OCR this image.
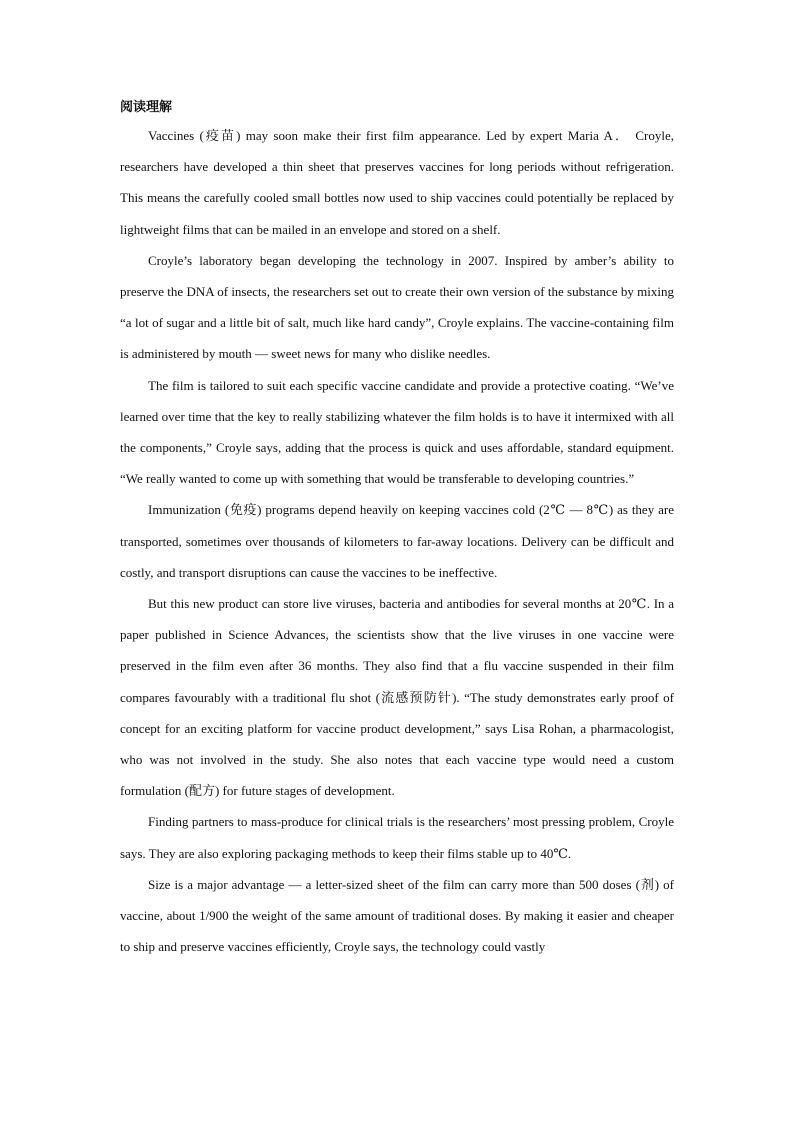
阅读理解

Vaccines (疫苗) may soon make their first film appearance. Led by expert Maria A． Croyle, researchers have developed a thin sheet that preserves vaccines for long periods without refrigeration. This means the carefully cooled small bottles now used to ship vaccines could potentially be replaced by lightweight films that can be mailed in an envelope and stored on a shelf.

Croyle’s laboratory began developing the technology in 2007. Inspired by amber’s ability to preserve the DNA of insects, the researchers set out to create their own version of the substance by mixing “a lot of sugar and a little bit of salt, much like hard candy”, Croyle explains. The vaccine-containing film is administered by mouth — sweet news for many who dislike needles.

The film is tailored to suit each specific vaccine candidate and provide a protective coating. “We’ve learned over time that the key to really stabilizing whatever the film holds is to have it intermixed with all the components,” Croyle says, adding that the process is quick and uses affordable, standard equipment. “We really wanted to come up with something that would be transferable to developing countries.”

Immunization (免疫) programs depend heavily on keeping vaccines cold (2℃ — 8℃) as they are transported, sometimes over thousands of kilometers to far-away locations. Delivery can be difficult and costly, and transport disruptions can cause the vaccines to be ineffective.

But this new product can store live viruses, bacteria and antibodies for several months at 20℃. In a paper published in Science Advances, the scientists show that the live viruses in one vaccine were preserved in the film even after 36 months. They also find that a flu vaccine suspended in their film compares favourably with a traditional flu shot (流感预防针). “The study demonstrates early proof of concept for an exciting platform for vaccine product development,” says Lisa Rohan, a pharmacologist, who was not involved in the study. She also notes that each vaccine type would need a custom formulation (配方) for future stages of development.

Finding partners to mass-produce for clinical trials is the researchers’ most pressing problem, Croyle says. They are also exploring packaging methods to keep their films stable up to 40℃.

Size is a major advantage — a letter-sized sheet of the film can carry more than 500 doses (剂) of vaccine, about 1/900 the weight of the same amount of traditional doses. By making it easier and cheaper to ship and preserve vaccines efficiently, Croyle says, the technology could vastly
